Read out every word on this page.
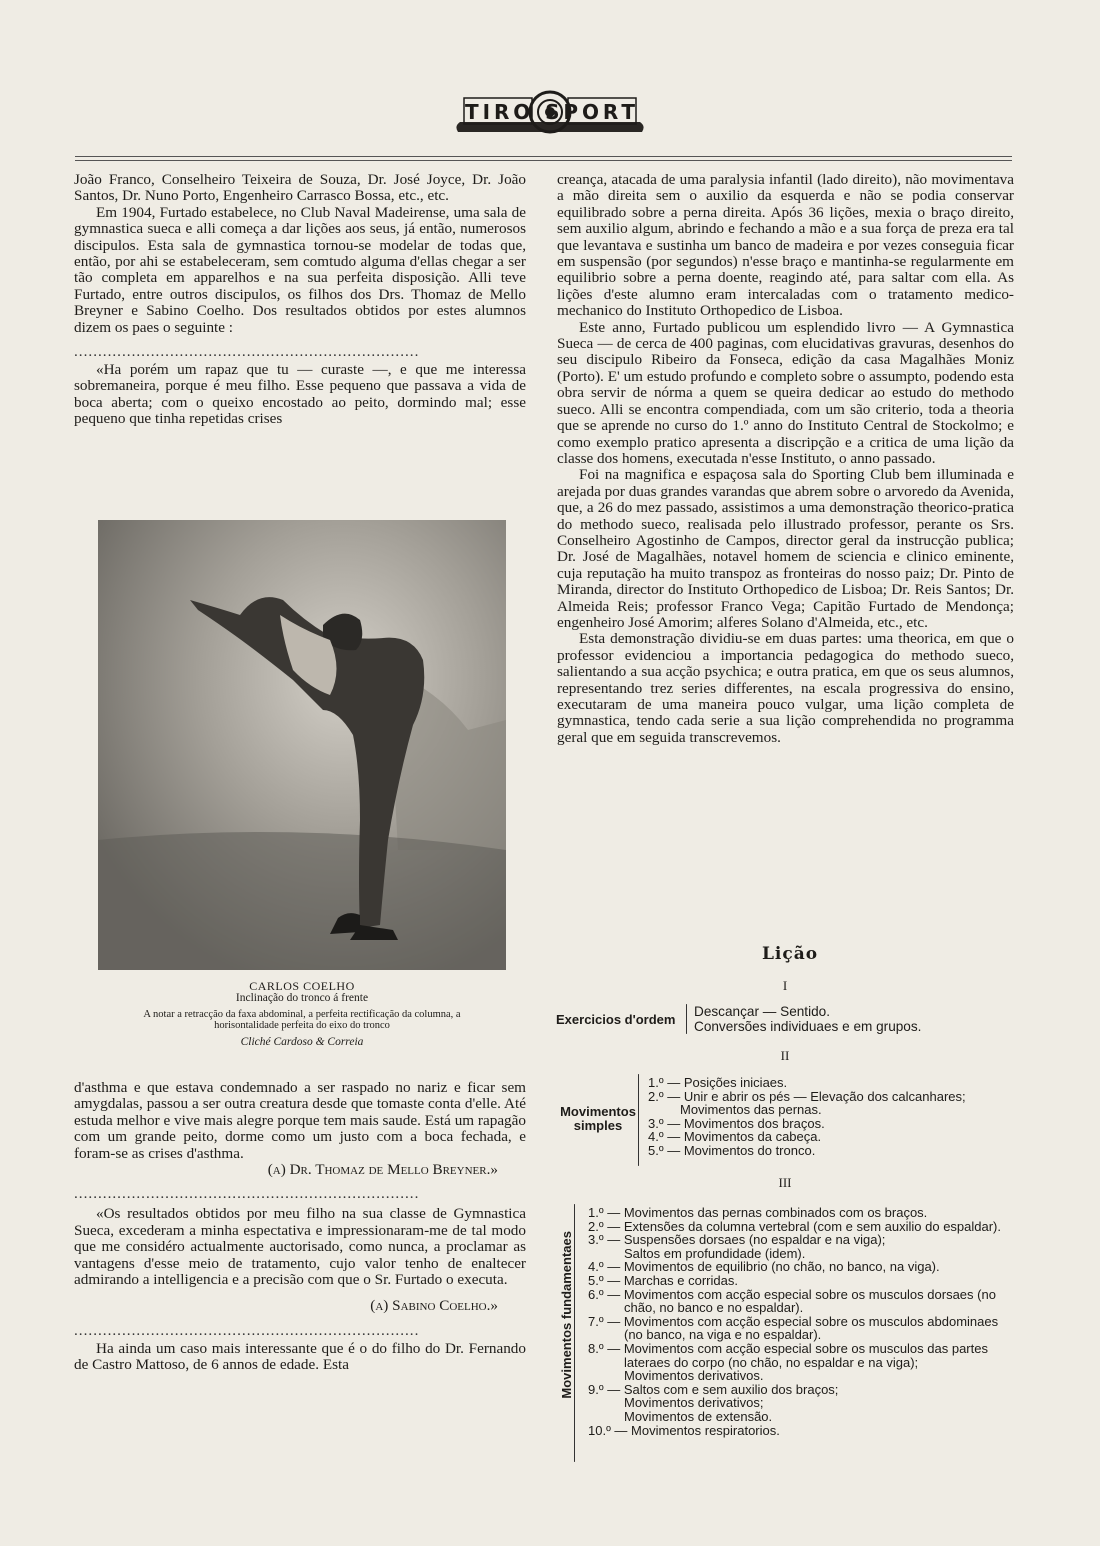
TIRO SPORT

João Franco, Conselheiro Teixeira de Souza, Dr. José Joyce, Dr. João Santos, Dr. Nuno Porto, Engenheiro Carrasco Bossa, etc., etc.

Em 1904, Furtado estabelece, no Club Naval Madeirense, uma sala de gymnastica sueca e alli começa a dar lições aos seus, já então, numerosos discipulos. Esta sala de gymnastica tornou-se modelar de todas que, então, por ahi se estabeleceram, sem comtudo alguma d'ellas chegar a ser tão completa em apparelhos e na sua perfeita disposição. Alli teve Furtado, entre outros discipulos, os filhos dos Drs. Thomaz de Mello Breyner e Sabino Coelho. Dos resultados obtidos por estes alumnos dizem os paes o seguinte :

........................................................................

«Ha porém um rapaz que tu — curaste —, e que me interessa sobremaneira, porque é meu filho. Esse pequeno que passava a vida de boca aberta; com o queixo encostado ao peito, dormindo mal; esse pequeno que tinha repetidas crises

CARLOS COELHO
Inclinação do tronco á frente
A notar a retracção da faxa abdominal, a perfeita rectificação da columna, a horisontalidade perfeita do eixo do tronco
Cliché Cardoso & Correia

d'asthma e que estava condemnado a ser raspado no nariz e ficar sem amygdalas, passou a ser outra creatura desde que tomaste conta d'elle. Até estuda melhor e vive mais alegre porque tem mais saude. Está um rapagão com um grande peito, dorme como um justo com a boca fechada, e foram-se as crises d'asthma.

(a) Dr. Thomaz de Mello Breyner.»

........................................................................

«Os resultados obtidos por meu filho na sua classe de Gymnastica Sueca, excederam a minha espectativa e impressionaram-me de tal modo que me considéro actualmente auctorisado, como nunca, a proclamar as vantagens d'esse meio de tratamento, cujo valor tenho de enaltecer admirando a intelligencia e a precisão com que o Sr. Furtado o executa.

(a) Sabino Coelho.»

........................................................................

Ha ainda um caso mais interessante que é o do filho do Dr. Fernando de Castro Mattoso, de 6 annos de edade. Esta

creança, atacada de uma paralysia infantil (lado direito), não movimentava a mão direita sem o auxilio da esquerda e não se podia conservar equilibrado sobre a perna direita. Após 36 lições, mexia o braço direito, sem auxilio algum, abrindo e fechando a mão e a sua força de preza era tal que levantava e sustinha um banco de madeira e por vezes conseguia ficar em suspensão (por segundos) n'esse braço e mantinha-se regularmente em equilibrio sobre a perna doente, reagindo até, para saltar com ella. As lições d'este alumno eram intercaladas com o tratamento medico-mechanico do Instituto Orthopedico de Lisboa.

Este anno, Furtado publicou um esplendido livro — A Gymnastica Sueca — de cerca de 400 paginas, com elucidativas gravuras, desenhos do seu discipulo Ribeiro da Fonseca, edição da casa Magalhães Moniz (Porto). E' um estudo profundo e completo sobre o assumpto, podendo esta obra servir de nórma a quem se queira dedicar ao estudo do methodo sueco. Alli se encontra compendiada, com um são criterio, toda a theoria que se aprende no curso do 1.º anno do Instituto Central de Stockolmo; e como exemplo pratico apresenta a discripção e a critica de uma lição da classe dos homens, executada n'esse Instituto, o anno passado.

Foi na magnifica e espaçosa sala do Sporting Club bem illuminada e arejada por duas grandes varandas que abrem sobre o arvoredo da Avenida, que, a 26 do mez passado, assistimos a uma demonstração theorico-pratica do methodo sueco, realisada pelo illustrado professor, perante os Srs. Conselheiro Agostinho de Campos, director geral da instrucção publica; Dr. José de Magalhães, notavel homem de sciencia e clinico eminente, cuja reputação ha muito transpoz as fronteiras do nosso paiz; Dr. Pinto de Miranda, director do Instituto Orthopedico de Lisboa; Dr. Reis Santos; Dr. Almeida Reis; professor Franco Vega; Capitão Furtado de Mendonça; engenheiro José Amorim; alferes Solano d'Almeida, etc., etc.

Esta demonstração dividiu-se em duas partes: uma theorica, em que o professor evidenciou a importancia pedagogica do methodo sueco, salientando a sua acção psychica; e outra pratica, em que os seus alumnos, representando trez series differentes, na escala progressiva do ensino, executaram de uma maneira pouco vulgar, uma lição completa de gymnastica, tendo cada serie a sua lição comprehendida no programma geral que em seguida transcrevemos.

Lição
I
Exercicios d'ordem
Descançar — Sentido.
Conversões individuaes e em grupos.
II
Movimentos
simples
1.º — Posições iniciaes.
2.º — Unir e abrir os pés — Elevação dos calcanhares;
Movimentos das pernas.
3.º — Movimentos dos braços.
4.º — Movimentos da cabeça.
5.º — Movimentos do tronco.
III
Movimentos fundamentaes
1.º — Movimentos das pernas combinados com os braços.
2.º — Extensões da columna vertebral (com e sem auxilio do espaldar).
3.º — Suspensões dorsaes (no espaldar e na viga);
Saltos em profundidade (idem).
4.º — Movimentos de equilibrio (no chão, no banco, na viga).
5.º — Marchas e corridas.
6.º — Movimentos com acção especial sobre os musculos dorsaes (no chão, no banco e no espaldar).
7.º — Movimentos com acção especial sobre os musculos abdominaes (no banco, na viga e no espaldar).
8.º — Movimentos com acção especial sobre os musculos das partes lateraes do corpo (no chão, no espaldar e na viga);
Movimentos derivativos.
9.º — Saltos com e sem auxilio dos braços;
Movimentos derivativos;
Movimentos de extensão.
10.º — Movimentos respiratorios.
